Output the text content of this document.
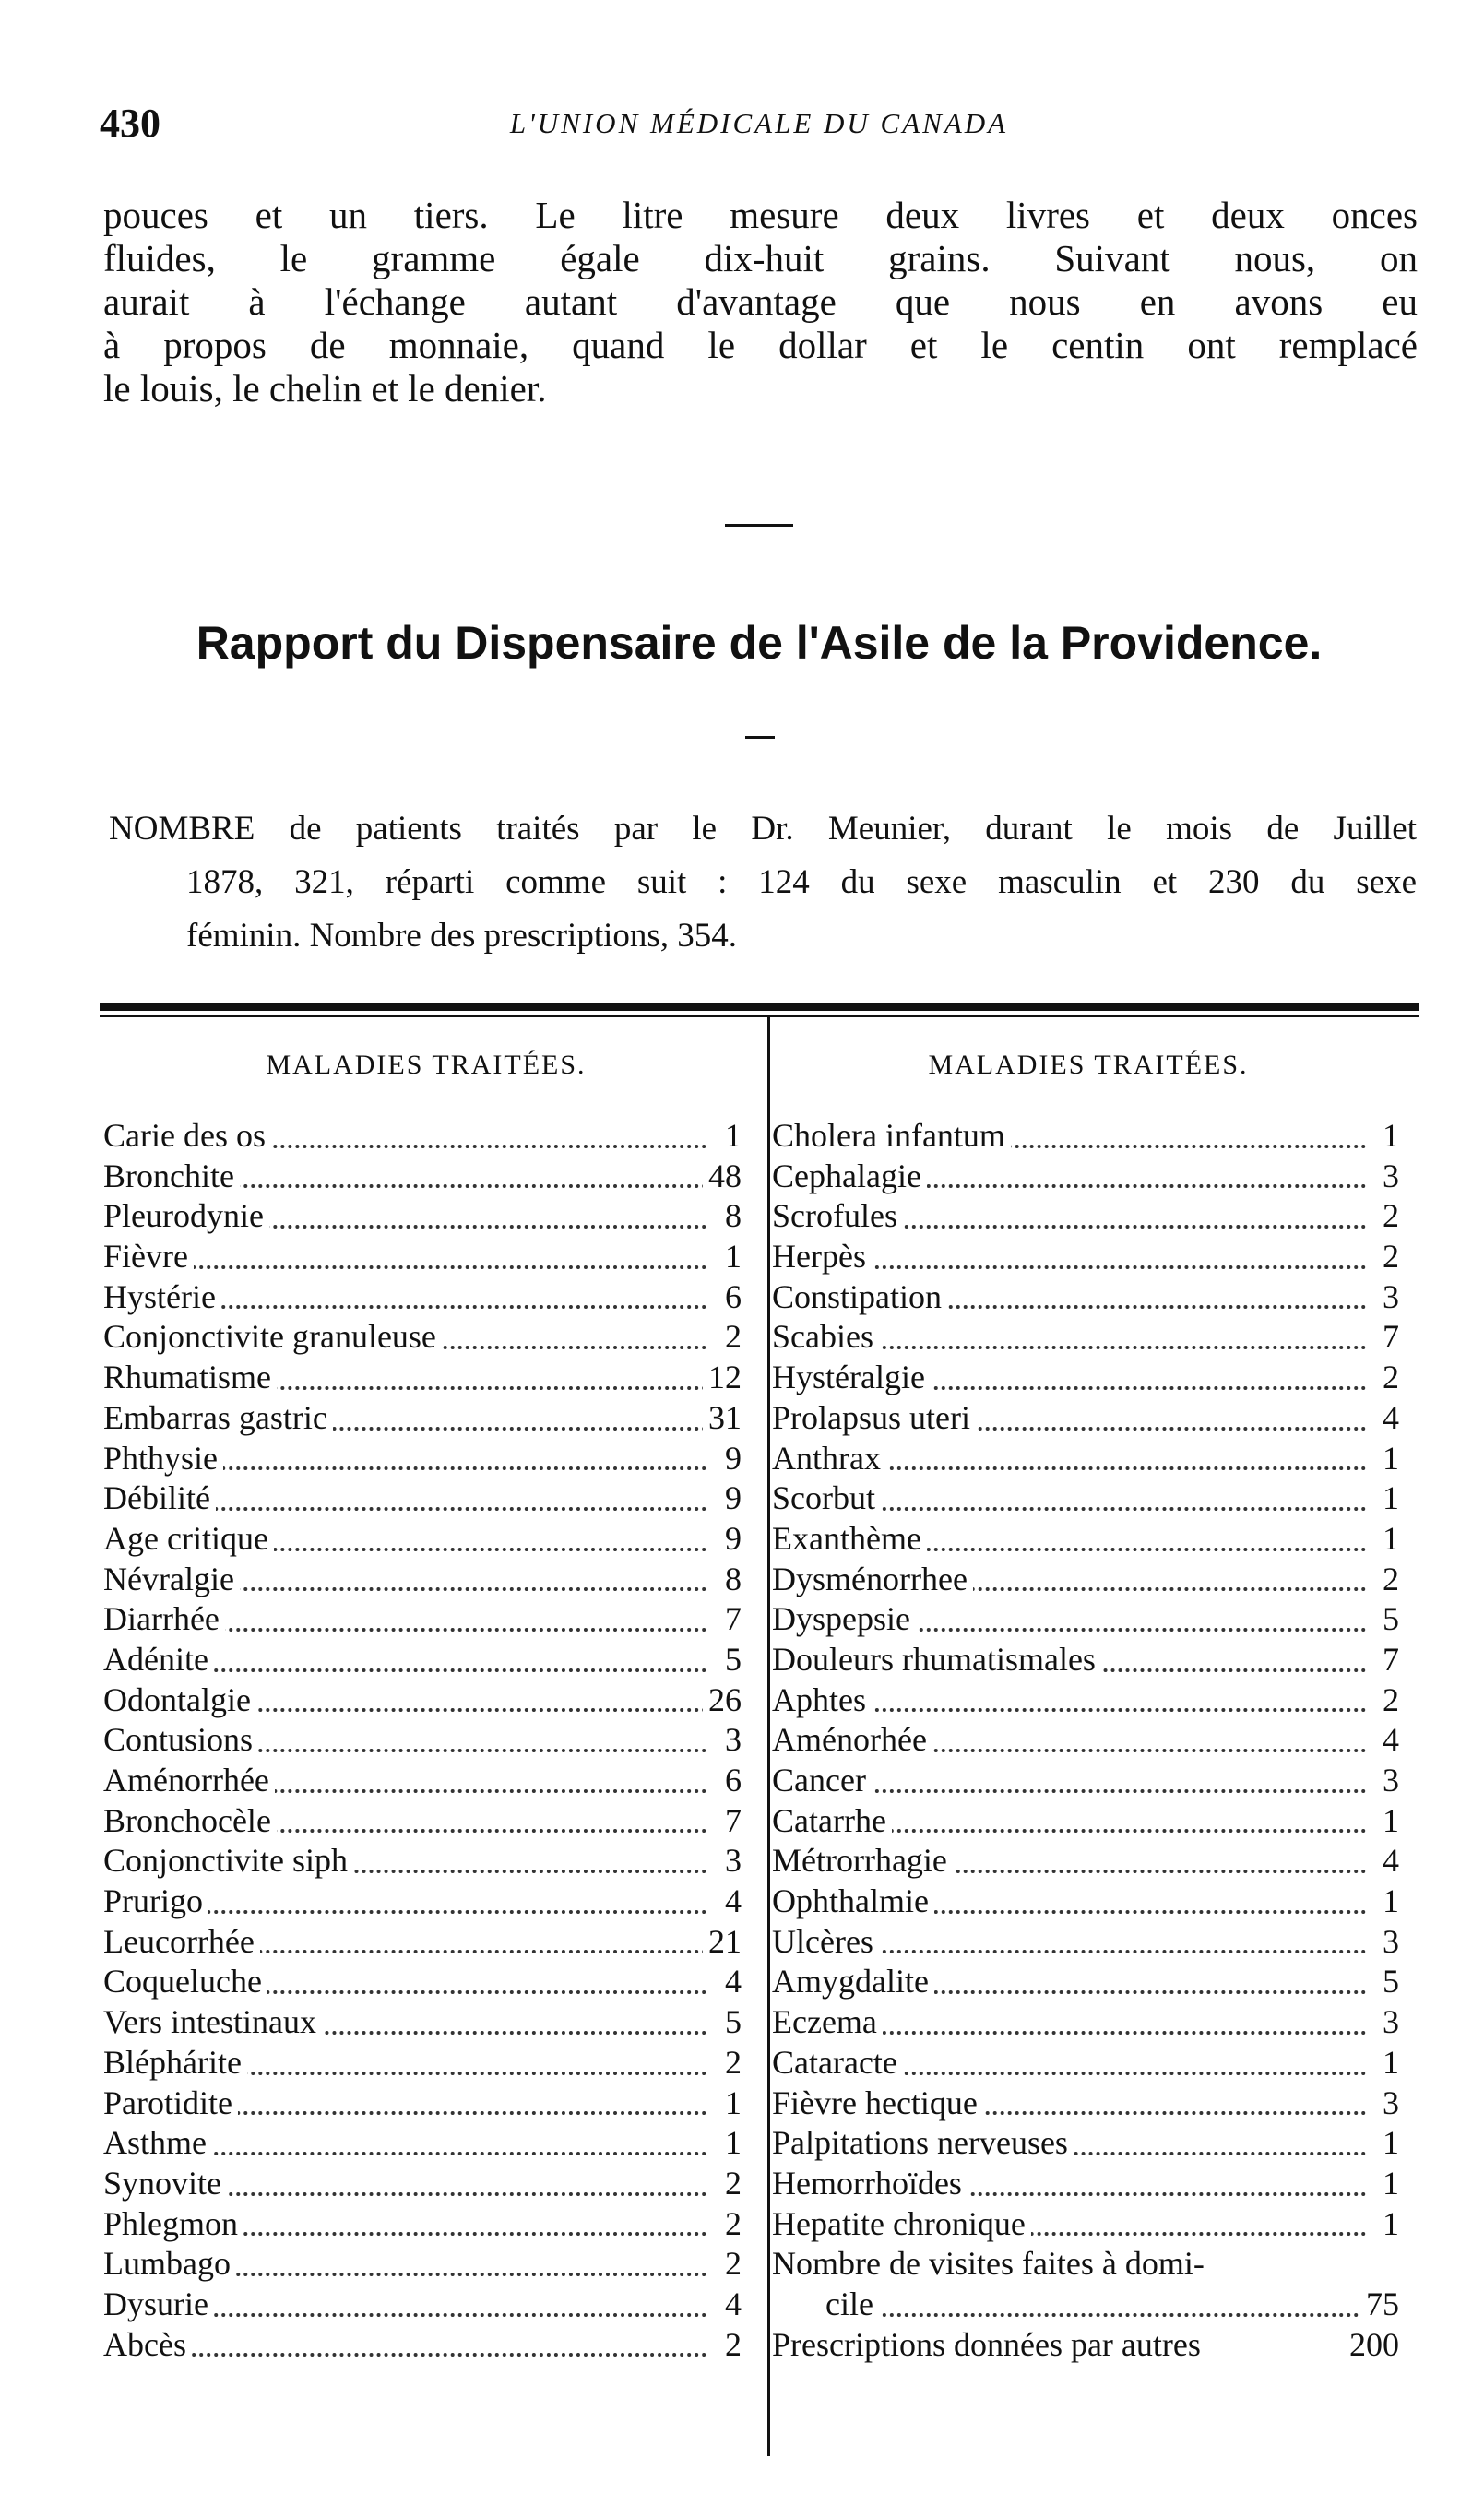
430	L'UNION MÉDICALE DU CANADA
pouces et un tiers. Le litre mesure deux livres et deux onces
fluides, le gramme égale dix-huit grains. Suivant nous, on
aurait à l'échange autant d'avantage que nous en avons eu
à propos de monnaie, quand le dollar et le centin ont remplacé
le louis, le chelin et le denier.
Rapport du Dispensaire de l'Asile de la Providence.
NOMBRE de patients traités par le Dr. Meunier, durant le mois de Juillet
1878, 321, réparti comme suit : 124 du sexe masculin et 230 du sexe
féminin. Nombre des prescriptions, 354.
MALADIES TRAITÉES.	MALADIES TRAITÉES.
Carie des os	1
Bronchite	48
Pleurodynie	8
Fièvre	1
Hystérie	6
Conjonctivite granuleuse	2
Rhumatisme	12
Embarras gastric	31
Phthysie	9
Débilité	9
Age critique	9
Névralgie	8
Diarrhée	7
Adénite	5
Odontalgie	26
Contusions	3
Aménorrhée	6
Bronchocèle	7
Conjonctivite siph	3
Prurigo	4
Leucorrhée	21
Coqueluche	4
Vers intestinaux	5
Bléphárite	2
Parotidite	1
Asthme	1
Synovite	2
Phlegmon	2
Lumbago	2
Dysurie	4
Abcès	2
Cholera infantum	1
Cephalagie	3
Scrofules	2
Herpès	2
Constipation	3
Scabies	7
Hystéralgie	2
Prolapsus uteri	4
Anthrax	1
Scorbut	1
Exanthème	1
Dysménorrhee	2
Dyspepsie	5
Douleurs rhumatismales	7
Aphtes	2
Aménorhée	4
Cancer	3
Catarrhe	1
Métrorrhagie	4
Ophthalmie	1
Ulcères	3
Amygdalite	5
Eczema	3
Cataracte	1
Fièvre hectique	3
Palpitations nerveuses	1
Hemorrhoïdes	1
Hepatite chronique	1
Nombre de visites faites à domi-
cile	75
Prescriptions données par autres	200
